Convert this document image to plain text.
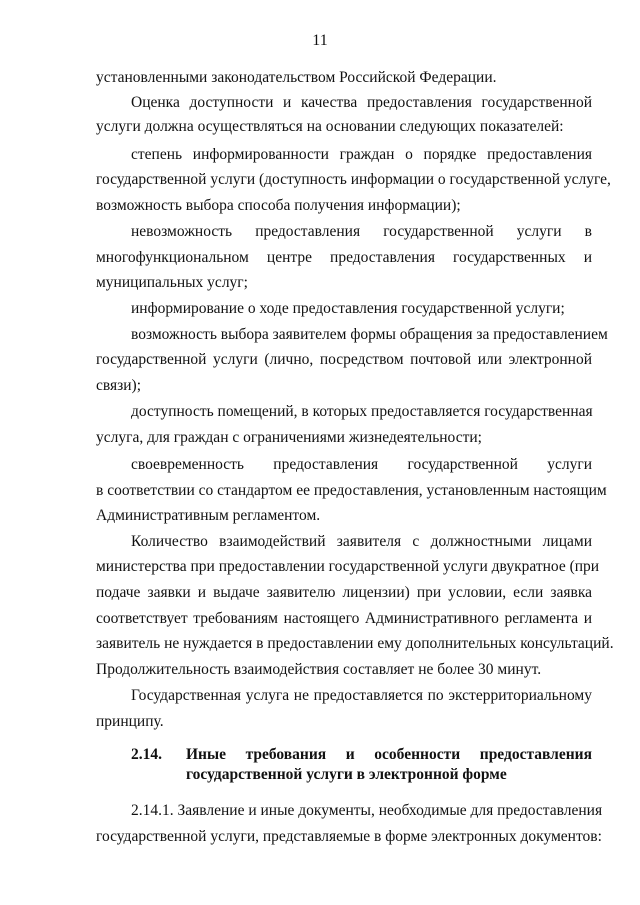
11
установленными законодательством Российской Федерации.
Оценка доступности и качества предоставления государственной
услуги должна осуществляться на основании следующих показателей:
степень информированности граждан о порядке предоставления
государственной услуги (доступность информации о государственной услуге,
возможность выбора способа получения информации);
невозможность предоставления государственной услуги в
многофункциональном центре предоставления государственных и
муниципальных услуг;
информирование о ходе предоставления государственной услуги;
возможность выбора заявителем формы обращения за предоставлением
государственной услуги (лично, посредством почтовой или электронной
связи);
доступность помещений, в которых предоставляется государственная
услуга, для граждан с ограничениями жизнедеятельности;
своевременность предоставления государственной услуги
в соответствии со стандартом ее предоставления, установленным настоящим
Административным регламентом.
Количество взаимодействий заявителя с должностными лицами
министерства при предоставлении государственной услуги двукратное (при
подаче заявки и выдаче заявителю лицензии) при условии, если заявка
соответствует требованиям настоящего Административного регламента и
заявитель не нуждается в предоставлении ему дополнительных консультаций.
Продолжительность взаимодействия составляет не более 30 минут.
Государственная услуга не предоставляется по экстерриториальному
принципу.
2.14. Иные требования и особенности предоставления
государственной услуги в электронной форме
2.14.1. Заявление и иные документы, необходимые для предоставления
государственной услуги, представляемые в форме электронных документов:
